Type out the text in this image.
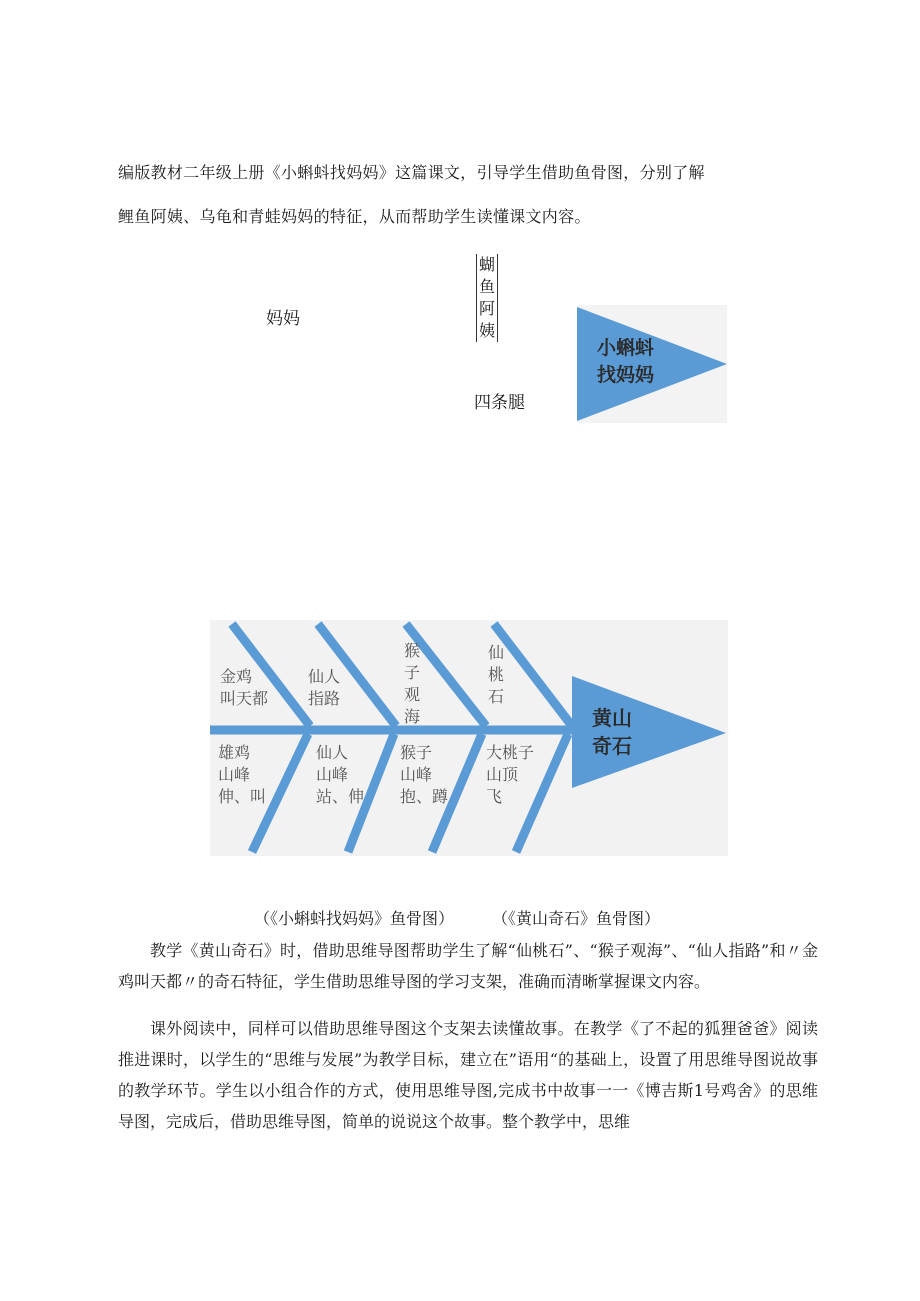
编版教材二年级上册《小蝌蚪找妈妈》这篇课文，引导学生借助鱼骨图，分别了解
鲤鱼阿姨、乌龟和青蛙妈妈的特征，从而帮助学生读懂课文内容。
妈妈
蝴
鱼
阿
姨
四条腿
小蝌蚪
找妈妈
黄山
奇石
金鸡
叫天都
仙人
指路
猴
子
观
海
仙
桃
石
雄鸡
山峰
伸、叫
仙人
山峰
站、伸
猴子
山峰
抱、蹲
大桃子
山顶
飞
（《小蝌蚪找妈妈》鱼骨图） （《黄山奇石》鱼骨图）

教学《黄山奇石》时，借助思维导图帮助学生了解“仙桃石”、“猴子观海”、“仙人指路”和〃金鸡叫天都〃的奇石特征，学生借助思维导图的学习支架，准确而清晰掌握课文内容。

课外阅读中，同样可以借助思维导图这个支架去读懂故事。在教学《了不起的狐狸爸爸》阅读推进课时，以学生的“思维与发展”为教学目标，建立在”语用“的基础上，设置了用思维导图说故事的教学环节。学生以小组合作的方式，使用思维导图,完成书中故事一一《博吉斯1号鸡舍》的思维导图，完成后，借助思维导图，简单的说说这个故事。整个教学中，思维
